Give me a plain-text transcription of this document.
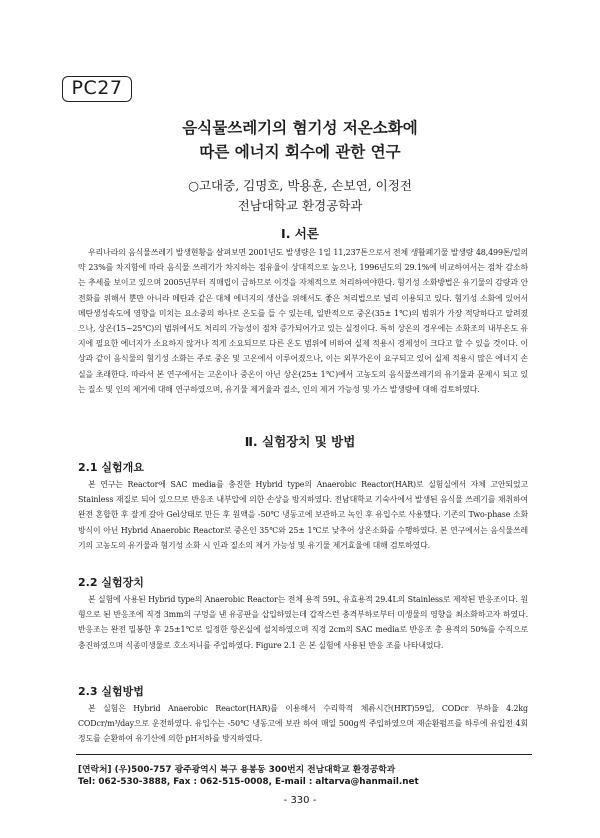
PC27
음식물쓰레기의 혐기성 저온소화에
따른 에너지 회수에 관한 연구
○고대중, 김명호, 박용훈, 손보연, 이정전
전남대학교 환경공학과
Ⅰ. 서론

우리나라의 음식물쓰레기 발생현황을 살펴보면 2001년도 발생량은 1일 11,237톤으로서 전체 생활폐기물 발생량 48,499톤/일의 약 23%를 차지함에 따라 음식물 쓰레기가 차지하는 점유율이 상대적으로 높으나, 1996년도의 29.1%에 비교하여서는 점차 감소하는 추세를 보이고 있으며 2005년부터 직매립이 금하므로 이것을 자체적으로 처리하여야한다. 혐기성 소화방법은 유기물의 감량과 안전화를 위해서 뿐만 아니라 메탄과 같은 대체 에너지의 생산을 위해서도 좋은 처리법으로 널리 이용되고 있다. 혐기성 소화에 있어서 메탄생성속도에 영향을 미치는 요소중의 하나로 온도를 들 수 있는데, 일반적으로 중온(35± 1℃)의 범위가 가장 적당하다고 알려졌으나, 상온(15~25℃)의 범위에서도 처리의 가능성이 점차 증가되어가고 있는 실정이다. 특히 상온의 경우에는 소화조의 내부온도 유지에 필요한 에너지가 소요하지 않거나 적게 소요되므로 다른 온도 범위에 비하여 실제 적용시 경제성이 크다고 할 수 있을 것이다. 이상과 같이 음식물의 혐기성 소화는 주로 중온 및 고온에서 이루어졌으나, 이는 외부가온이 요구되고 있어 실제 적용시 많은 에너지 손실을 초래한다. 따라서 본 연구에서는 고온이나 중온이 아닌 상온(25± 1℃)에서 고농도의 음식물쓰레기의 유기물과 문제시 되고 있는 질소 및 인의 제거에 대해 연구하였으며, 유기물 제거율과 질소, 인의 제거 가능성 및 가스 발생량에 대해 검토하였다.

Ⅱ. 실험장치 및 방법
2.1 실험개요

본 연구는 Reactor에 SAC media를 충진한 Hybrid type의 Anaerobic Reactor(HAR)로 실험실에서 자체 고안되었고 Stainless 재질로 되어 있으므로 반응조 내부압에 의한 손상을 방지하였다. 전남대학교 기숙사에서 발생된 음식물 쓰레기를 채취하여 완전 혼합한 후 잘게 갈아 Gel상태로 만든 후 원액을 -50℃ 냉동고에 보관하고 녹인 후 유입수로 사용했다. 기존의 Two-phase 소화방식이 아닌 Hybrid Anaerobic Reactor로 중온인 35℃와 25± 1℃로 낮추어 상온소화를 수행하였다. 본 연구에서는 음식물쓰레기의 고농도의 유기물과 혐기성 소화 시 인과 질소의 제거 가능성 및 유기물 제거효율에 대해 검토하였다.

2.2 실험장치

본 실험에 사용된 Hybrid type의 Anaerobic Reactor는 전체 용적 59L, 유효용적 29.4L의 Stainless로 제작된 반응조이다. 원형으로 된 반응조에 직경 3mm의 구멍을 낸 유공판을 삽입하였는데 갑작스런 충격부하로부터 미생물의 영향을 최소화하고자 하였다. 반응조는 완전 밀봉한 후 25±1℃로 일정한 항온실에 설치하였으며 직경 2cm의 SAC media로 반응조 총 용적의 50%를 수직으로 충진하였으며 식종미생물로 호소저니를 주입하였다. Figure 2.1 은 본 실험에 사용된 반응 조를 나타내었다.

2.3 실험방법

본 실험은 Hybrid Anaerobic Reactor(HAR)를 이용해서 수리학적 체류시간(HRT)59일, CODcr 부하율 4.2kg CODcr/m³/day으로 운전하였다. 유입수는 -50℃ 냉동고에 보관 하여 매일 500g씩 주입하였으며 재순환펌프를 하루에 유입전 4회 정도를 순환하여 유기산에 의한 pH저하를 방지하였다.

[연락처] (우)500-757 광주광역시 북구 용봉동 300번지 전남대학교 환경공학과
Tel: 062-530-3888, Fax : 062-515-0008, E-mail : altarva@hanmail.net
- 330 -
